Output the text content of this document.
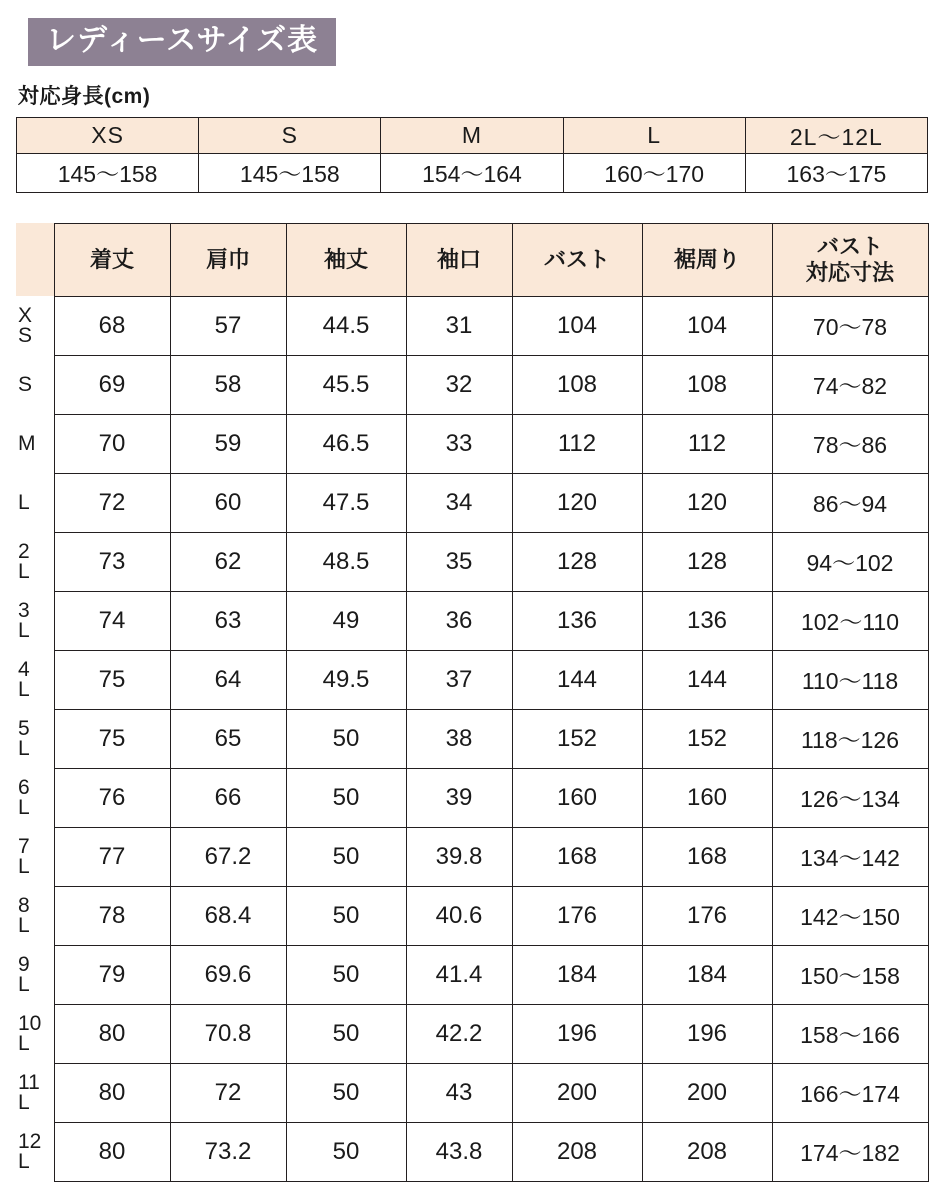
レディースサイズ表
対応身長(cm)
XS	S	M	L	2L〜12L
145〜158	145〜158	154〜164	160〜170	163〜175
	着丈	肩巾	袖丈	袖口	バスト	裾周り	バスト
対応寸法

X
S	68	57	44.5	31	104	104	70〜78

S	69	58	45.5	32	108	108	74〜82

M	70	59	46.5	33	112	112	78〜86

L	72	60	47.5	34	120	120	86〜94

2
L	73	62	48.5	35	128	128	94〜102

3
L	74	63	49	36	136	136	102〜110

4
L	75	64	49.5	37	144	144	110〜118

5
L	75	65	50	38	152	152	118〜126

6
L	76	66	50	39	160	160	126〜134

7
L	77	67.2	50	39.8	168	168	134〜142

8
L	78	68.4	50	40.6	176	176	142〜150

9
L	79	69.6	50	41.4	184	184	150〜158

10
L	80	70.8	50	42.2	196	196	158〜166

11
L	80	72	50	43	200	200	166〜174

12
L	80	73.2	50	43.8	208	208	174〜182
